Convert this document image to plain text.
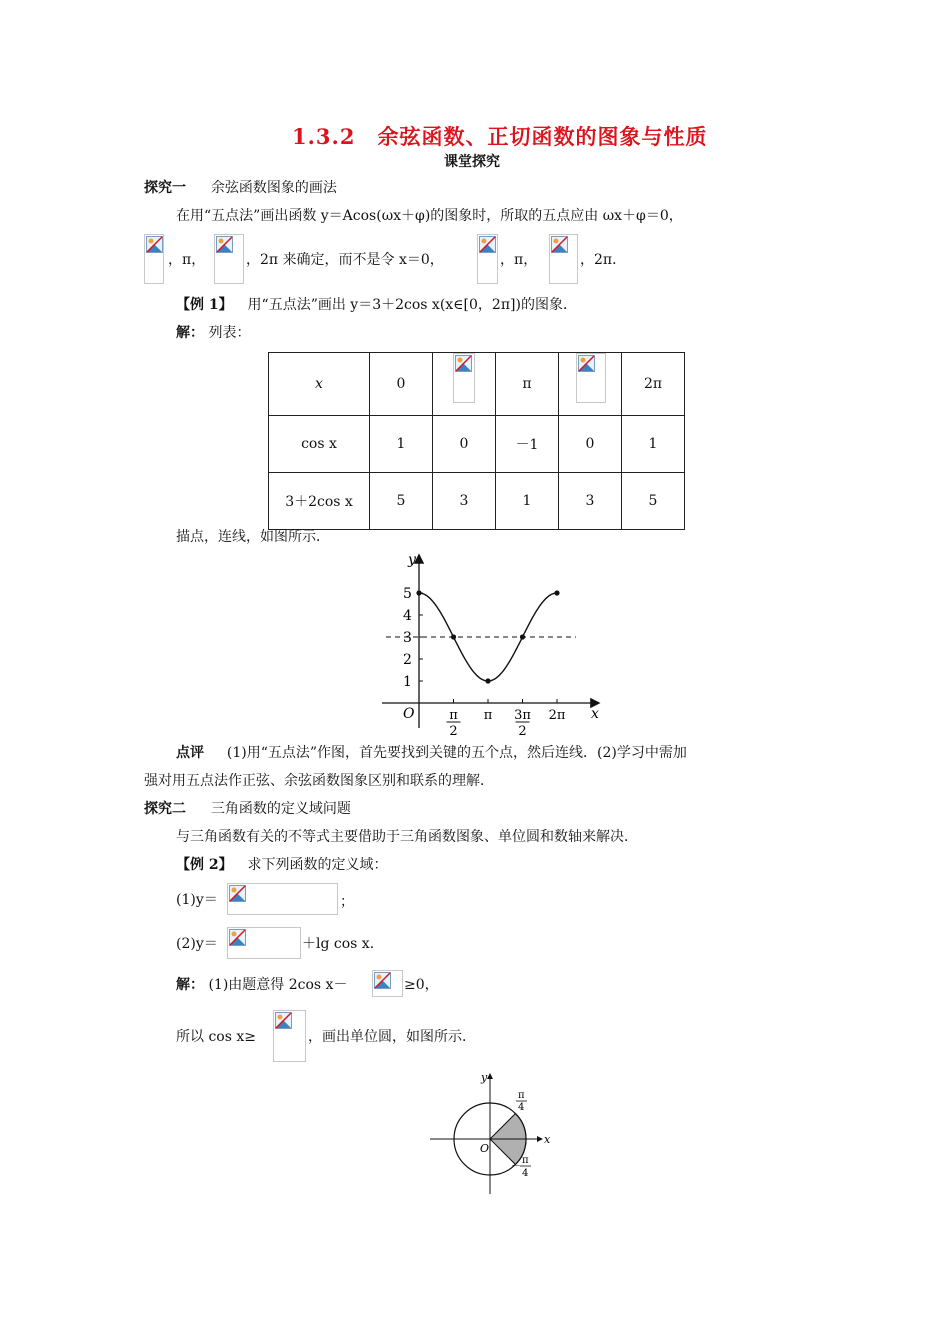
1.3.2　余弦函数、正切函数的图象与性质
课堂探究
探究一 余弦函数图象的画法
在用“五点法”画出函数 y＝Acos(ωx＋φ)的图象时，所取的五点应由 ωx＋φ＝0，
，π，	，2π 来确定，而不是令 x＝0，	，π，	，2π．
【例 1】 用“五点法”画出 y＝3＋2cos x(x∈[0，2π])的图象．
解： 列表：
x	0		π		2π
cos x	1	0	－1	0	1
3＋2cos x	5	3	1	3	5
描点，连线，如图所示．
y
x
O
1
2
3
4
5
π
2
π 3π
2
2π
点评 (1)用“五点法”作图，首先要找到关键的五个点，然后连线．(2)学习中需加
强对用五点法作正弦、余弦函数图象区别和联系的理解．
探究二 三角函数的定义域问题
与三角函数有关的不等式主要借助于三角函数图象、单位圆和数轴来解决．
【例 2】 求下列函数的定义域：
(1)y＝	；
(2)y＝	＋lg cos x．
解： (1)由题意得 2cos x－	≥0，
所以 cos x≥	，画出单位圆，如图所示．
y
x
O
π
4
－
π
4
